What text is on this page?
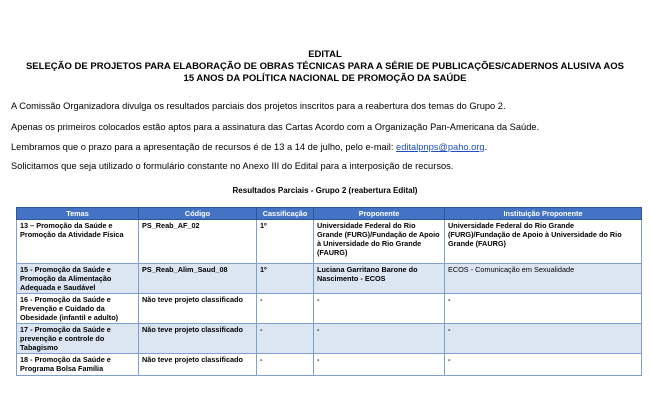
EDITAL
SELEÇÃO DE PROJETOS PARA ELABORAÇÃO DE OBRAS TÉCNICAS PARA A SÉRIE DE PUBLICAÇÕES/CADERNOS ALUSIVA AOS
15 ANOS DA POLÍTICA NACIONAL DE PROMOÇÃO DA SAÚDE
A Comissão Organizadora divulga os resultados parciais dos projetos inscritos para a reabertura dos temas do Grupo 2.
Apenas os primeiros colocados estão aptos para a assinatura das Cartas Acordo com a Organização Pan-Americana da Saúde.
Lembramos que o prazo para a apresentação de recursos é de 13 a 14 de julho, pelo e-mail: editalpnps@paho.org.
Solicitamos que seja utilizado o formulário constante no Anexo III do Edital para a interposição de recursos.
Resultados Parciais - Grupo 2 (reabertura Edital)
Temas	Código	Cassificação	Proponente	Instituição Proponente
13 – Promoção da Saúde e Promoção da Atividade Física	PS_Reab_AF_02	1º	Universidade Federal do Rio Grande (FURG)/Fundação de Apoio à Universidade do Rio Grande (FAURG)	Universidade Federal do Rio Grande (FURG)/Fundação de Apoio à Universidade do Rio Grande (FAURG)
15 - Promoção da Saúde e Promoção da Alimentação Adequada e Saudável	PS_Reab_Alim_Saud_08	1º	Luciana Garritano Barone do Nascimento - ECOS	ECOS - Comunicação em Sexualidade
16 - Promoção da Saúde e Prevenção e Cuidado da Obesidade (infantil e adulto)	Não teve projeto classificado	-	-	-
17 - Promoção da Saúde e prevenção e controle do Tabagismo	Não teve projeto classificado	-	-	-
18 - Promoção da Saúde e Programa Bolsa Família	Não teve projeto classificado	-	-	-
